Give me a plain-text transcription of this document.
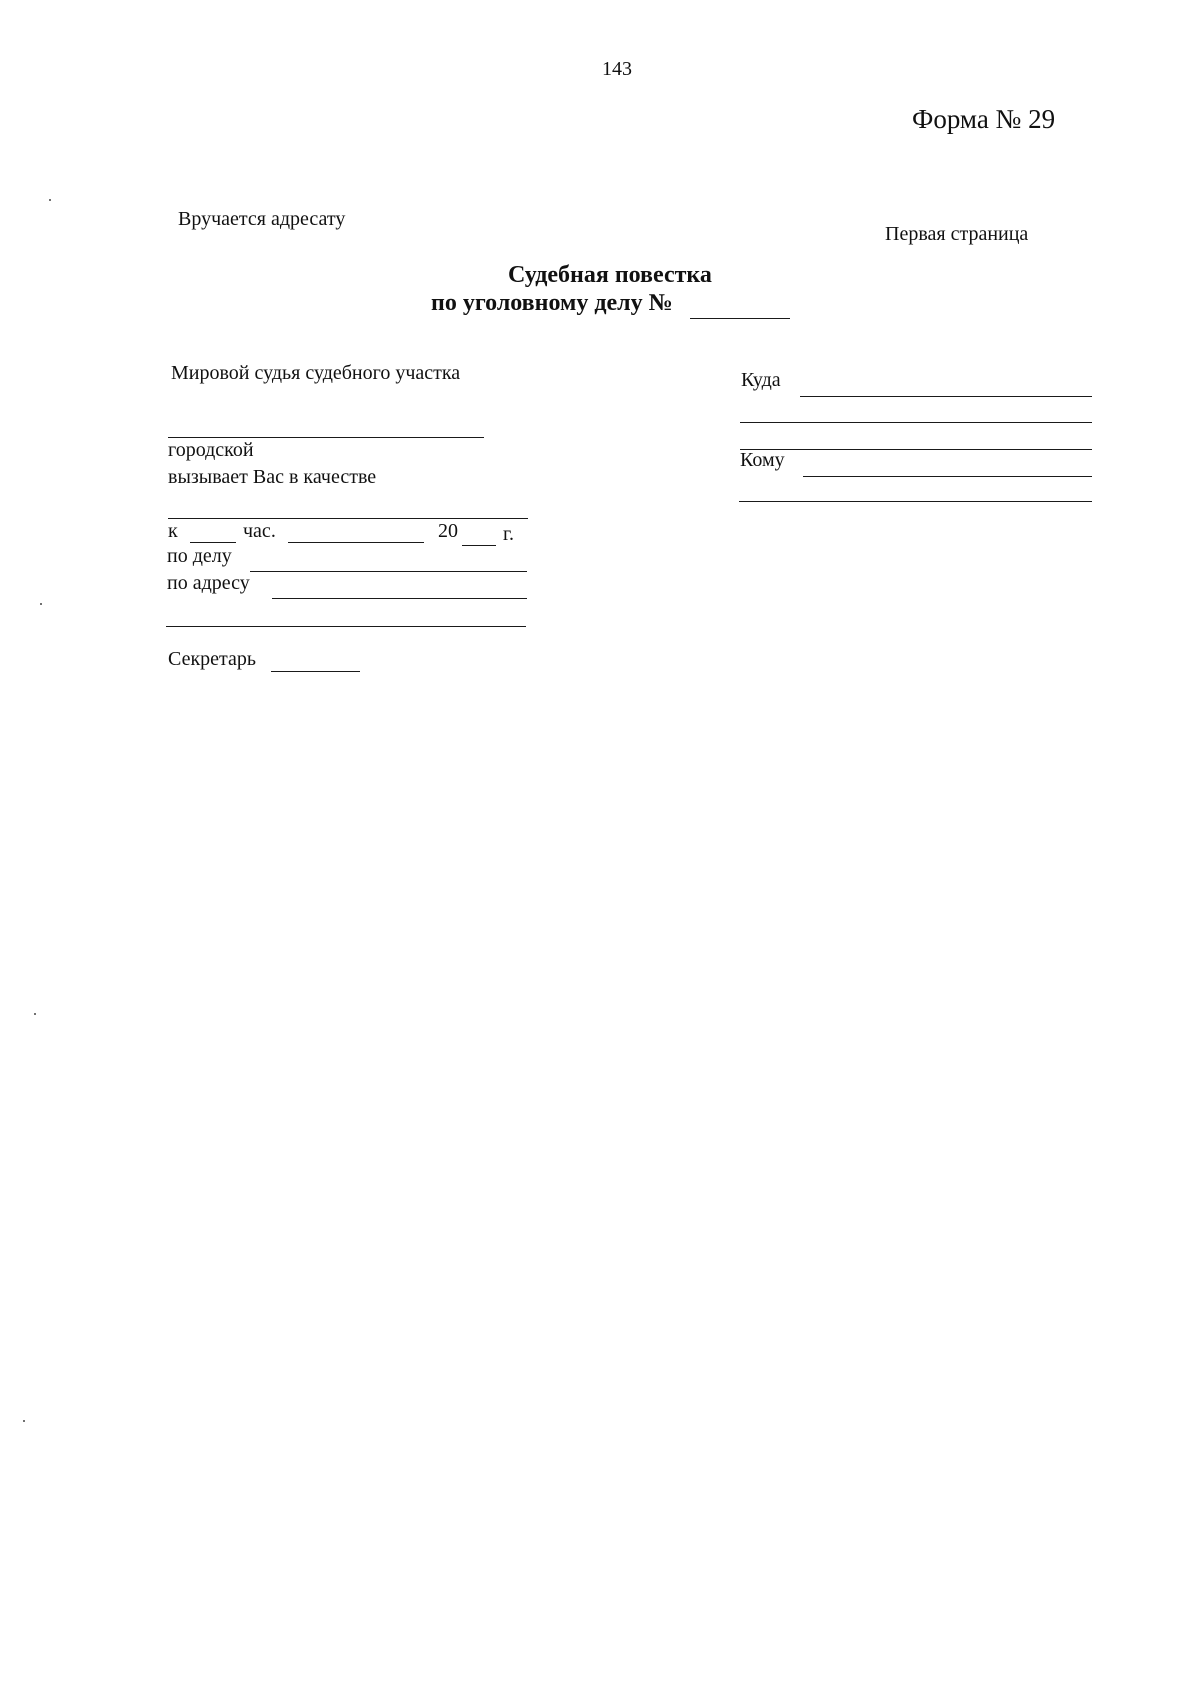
143
Форма № 29
Вручается адресату
Первая страница
Судебная повестка
по уголовному делу №
Мировой судья судебного участка
городской
вызывает Вас в качестве
к	час.	20 г.
по делу
по адресу
Секретарь
Куда
Кому
